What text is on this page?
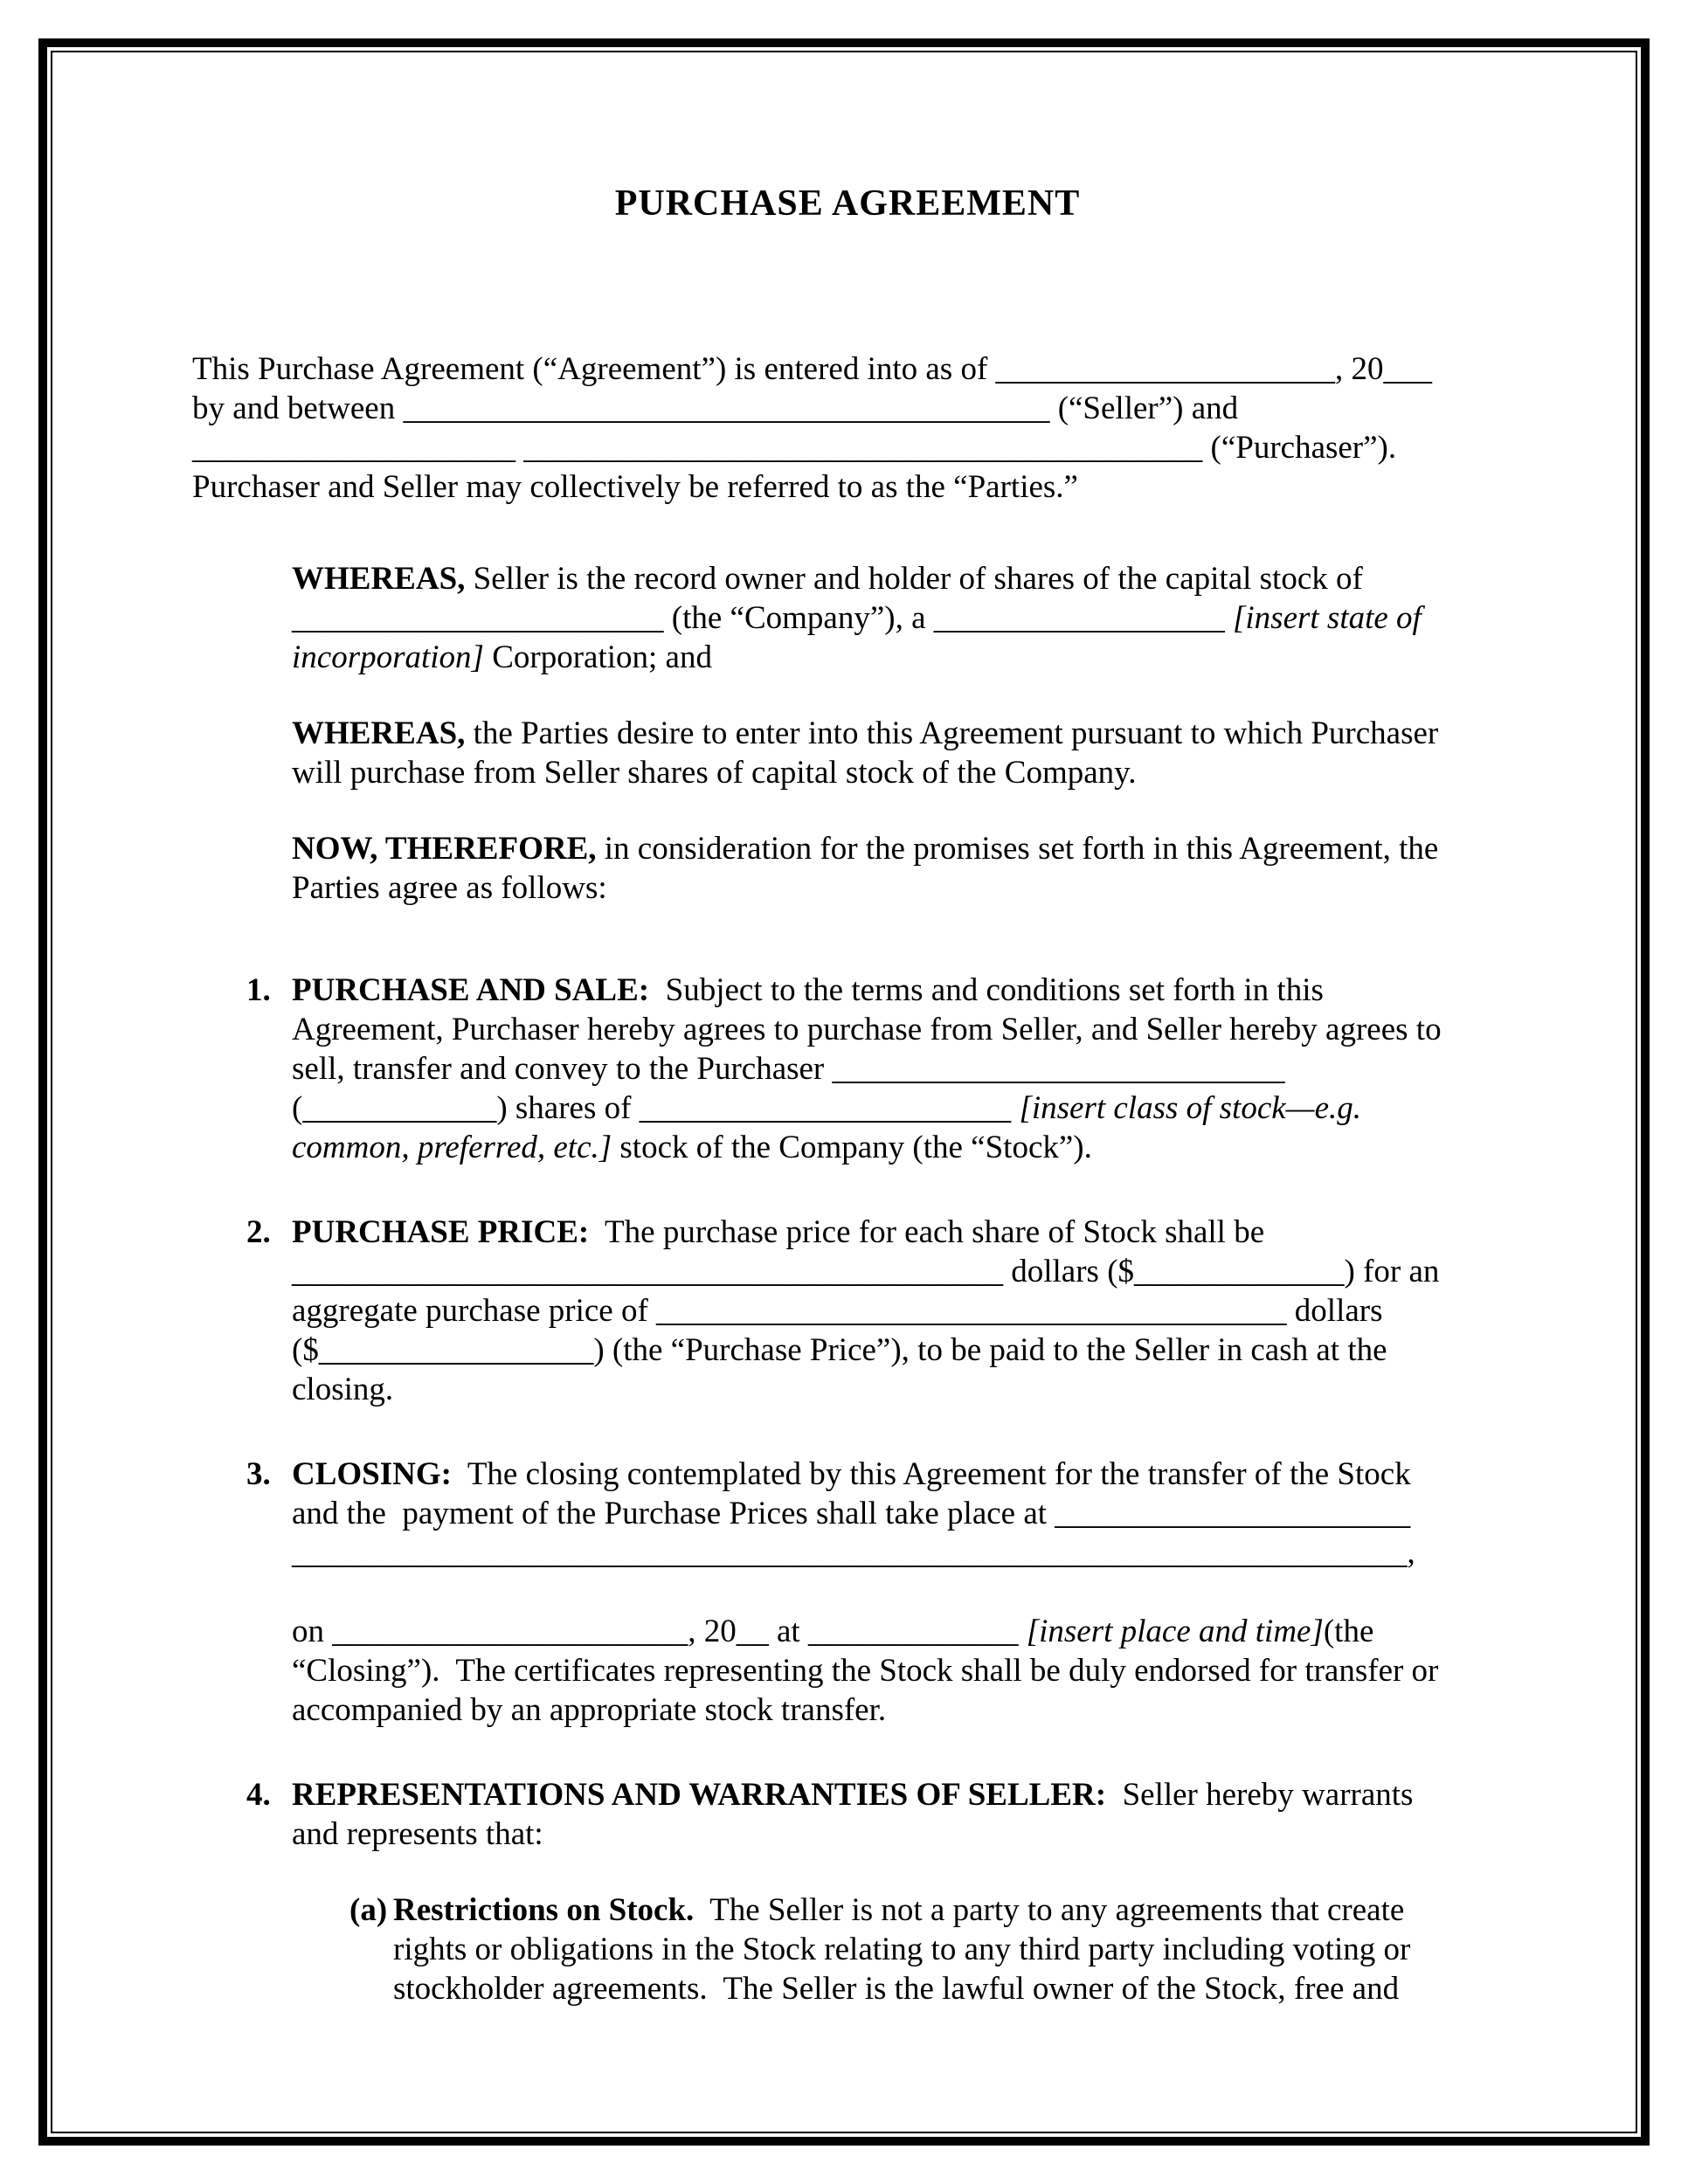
PURCHASE AGREEMENT
This Purchase Agreement (“Agreement”) is entered into as of _____________________, 20___
by and between ________________________________________ (“Seller”) and
____________________ __________________________________________ (“Purchaser”).
Purchaser and Seller may collectively be referred to as the “Parties.”
WHEREAS, Seller is the record owner and holder of shares of the capital stock of
_______________________ (the “Company”), a __________________ [insert state of
incorporation] Corporation; and
WHEREAS, the Parties desire to enter into this Agreement pursuant to which Purchaser
will purchase from Seller shares of capital stock of the Company.
NOW, THEREFORE, in consideration for the promises set forth in this Agreement, the
Parties agree as follows:
1. PURCHASE AND SALE:  Subject to the terms and conditions set forth in this
Agreement, Purchaser hereby agrees to purchase from Seller, and Seller hereby agrees to
sell, transfer and convey to the Purchaser ____________________________
(____________) shares of _______________________ [insert class of stock—e.g.
common, preferred, etc.] stock of the Company (the “Stock”).
2. PURCHASE PRICE:  The purchase price for each share of Stock shall be
____________________________________________ dollars ($_____________) for an
aggregate purchase price of _______________________________________ dollars
($_________________) (the “Purchase Price”), to be paid to the Seller in cash at the
closing.
3. CLOSING:  The closing contemplated by this Agreement for the transfer of the Stock
and the  payment of the Purchase Prices shall take place at ______________________
_____________________________________________________________________,

on ______________________, 20__ at _____________ [insert place and time](the
“Closing”).  The certificates representing the Stock shall be duly endorsed for transfer or
accompanied by an appropriate stock transfer.
4. REPRESENTATIONS AND WARRANTIES OF SELLER:  Seller hereby warrants
and represents that:
(a) Restrictions on Stock.  The Seller is not a party to any agreements that create
rights or obligations in the Stock relating to any third party including voting or
stockholder agreements.  The Seller is the lawful owner of the Stock, free and
